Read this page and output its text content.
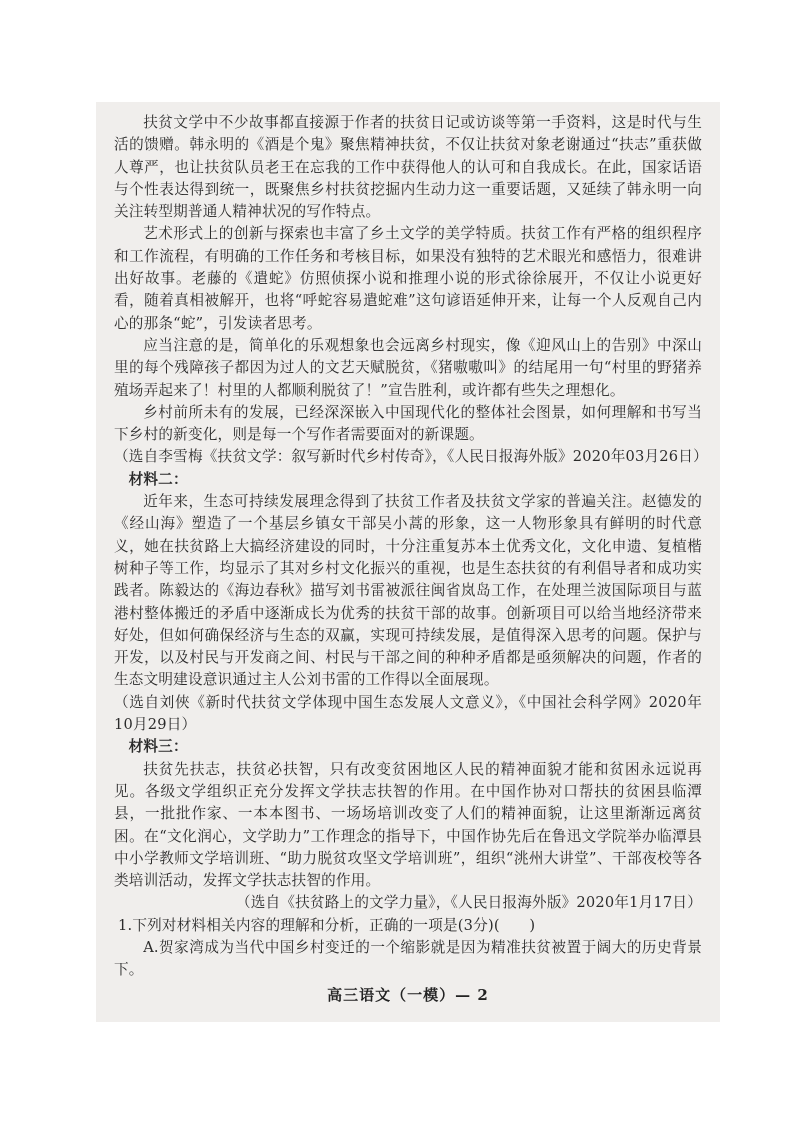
扶贫文学中不少故事都直接源于作者的扶贫日记或访谈等第一手资料，这是时代与生活的馈赠。韩永明的《酒是个鬼》聚焦精神扶贫，不仅让扶贫对象老谢通过“扶志”重获做人尊严，也让扶贫队员老王在忘我的工作中获得他人的认可和自我成长。在此，国家话语与个性表达得到统一，既聚焦乡村扶贫挖掘内生动力这一重要话题，又延续了韩永明一向关注转型期普通人精神状况的写作特点。

艺术形式上的创新与探索也丰富了乡土文学的美学特质。扶贫工作有严格的组织程序和工作流程，有明确的工作任务和考核目标，如果没有独特的艺术眼光和感悟力，很难讲出好故事。老藤的《遣蛇》仿照侦探小说和推理小说的形式徐徐展开，不仅让小说更好看，随着真相被解开，也将“呼蛇容易遣蛇难”这句谚语延伸开来，让每一个人反观自己内心的那条“蛇”，引发读者思考。

应当注意的是，简单化的乐观想象也会远离乡村现实，像《迎风山上的告别》中深山里的每个残障孩子都因为过人的文艺天赋脱贫，《猪嗷嗷叫》的结尾用一句“村里的野猪养殖场弄起来了！村里的人都顺利脱贫了！”宣告胜利，或许都有些失之理想化。

乡村前所未有的发展，已经深深嵌入中国现代化的整体社会图景，如何理解和书写当下乡村的新变化，则是每一个写作者需要面对的新课题。

（选自李雪梅《扶贫文学：叙写新时代乡村传奇》，《人民日报海外版》2020年03月26日）

材料二：

近年来，生态可持续发展理念得到了扶贫工作者及扶贫文学家的普遍关注。赵德发的《经山海》塑造了一个基层乡镇女干部吴小蒿的形象，这一人物形象具有鲜明的时代意义，她在扶贫路上大搞经济建设的同时，十分注重复苏本土优秀文化，文化申遗、复植楷树种子等工作，均显示了其对乡村文化振兴的重视，也是生态扶贫的有利倡导者和成功实践者。陈毅达的《海边春秋》描写刘书雷被派往闽省岚岛工作，在处理兰波国际项目与蓝港村整体搬迁的矛盾中逐渐成长为优秀的扶贫干部的故事。创新项目可以给当地经济带来好处，但如何确保经济与生态的双赢，实现可持续发展，是值得深入思考的问题。保护与开发，以及村民与开发商之间、村民与干部之间的种种矛盾都是亟须解决的问题，作者的生态文明建设意识通过主人公刘书雷的工作得以全面展现。

（选自刘俠《新时代扶贫文学体现中国生态发展人文意义》，《中国社会科学网》2020年10月29日）

材料三：

扶贫先扶志，扶贫必扶智，只有改变贫困地区人民的精神面貌才能和贫困永远说再见。各级文学组织正充分发挥文学扶志扶智的作用。在中国作协对口帮扶的贫困县临潭县，一批批作家、一本本图书、一场场培训改变了人们的精神面貌，让这里渐渐远离贫困。在“文化润心，文学助力”工作理念的指导下，中国作协先后在鲁迅文学院举办临潭县中小学教师文学培训班、“助力脱贫攻坚文学培训班”，组织“洮州大讲堂”、干部夜校等各类培训活动，发挥文学扶志扶智的作用。

（选自《扶贫路上的文学力量》，《人民日报海外版》2020年1月17日）

1.下列对材料相关内容的理解和分析，正确的一项是(3分)(　　)

A.贺家湾成为当代中国乡村变迁的一个缩影就是因为精准扶贫被置于阔大的历史背景下。

高三语文（一模）— 2
